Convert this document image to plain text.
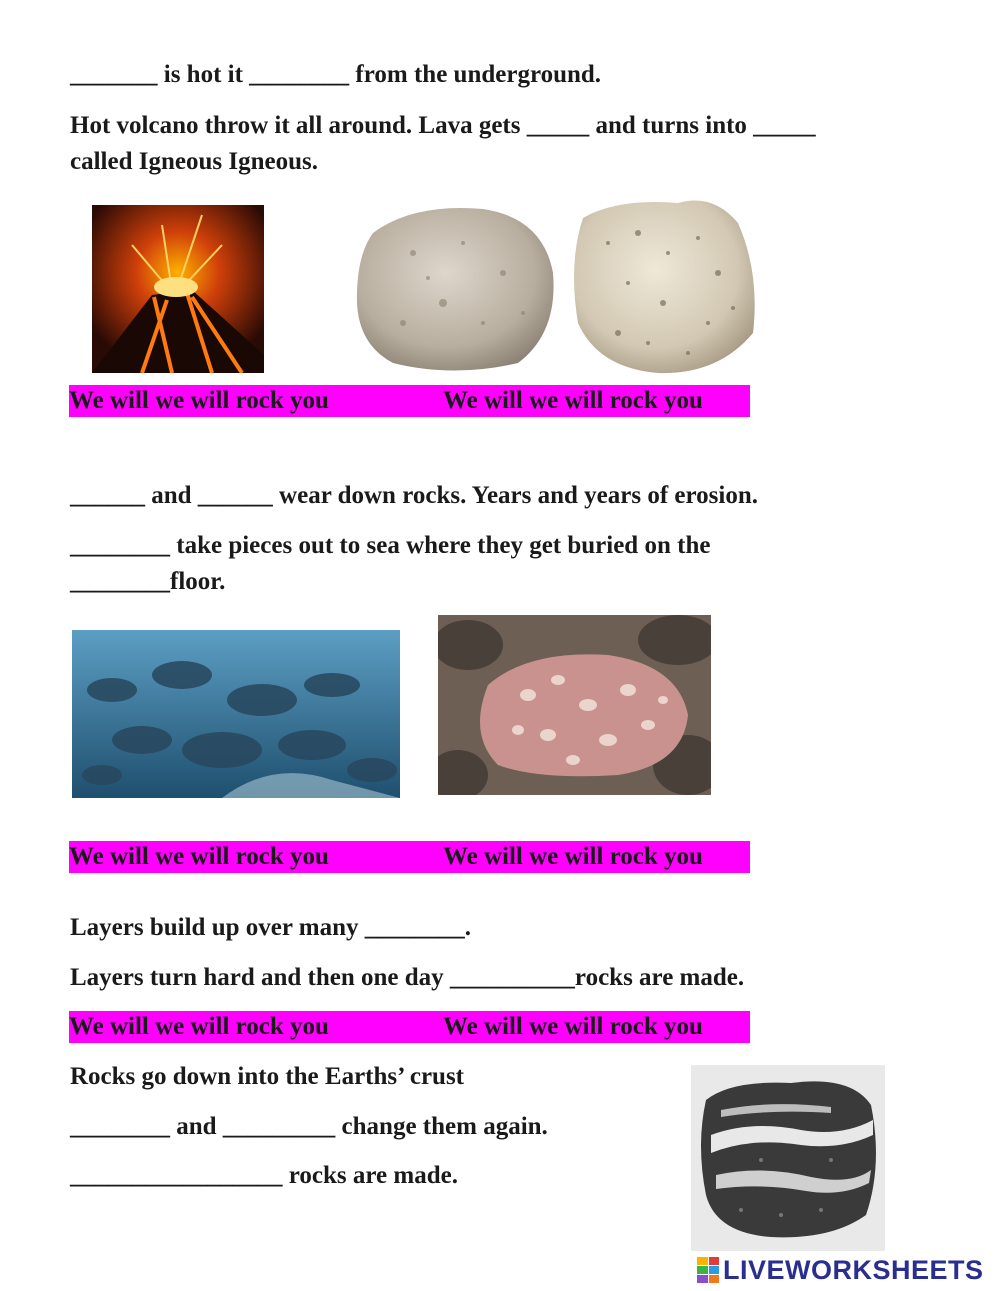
_______ is hot it ________ from the underground.
Hot volcano throw it all around. Lava gets _____ and turns into _____
called Igneous Igneous.

We will we will rock you

	We will we will rock you

______ and ______ wear down rocks. Years and years of erosion.
________ take pieces out to sea where they get buried on the
________floor.

We will we will rock you

	We will we will rock you

Layers build up over many ________.
Layers turn hard and then one day __________rocks are made.

We will we will rock you

	We will we will rock you

Rocks go down into the Earths’ crust
________ and _________ change them again.
_________________ rocks are made.
LIVEWORKSHEETS
